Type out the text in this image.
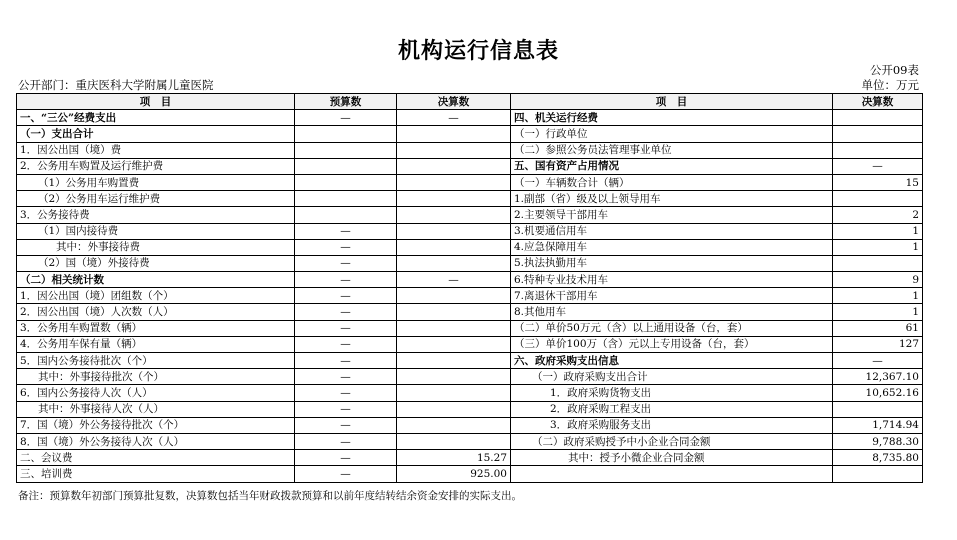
机构运行信息表
公开09表
公开部门：重庆医科大学附属儿童医院	单位：万元
项　目	预算数	决算数	项　目	决算数
一、“三公”经费支出	—	—	四、机关运行经费	
（一）支出合计			（一）行政单位	
1．因公出国（境）费			（二）参照公务员法管理事业单位	
2．公务用车购置及运行维护费			五、国有资产占用情况	—
（1）公务用车购置费			（一）车辆数合计（辆）	15
（2）公务用车运行维护费			1.副部（省）级及以上领导用车	
3．公务接待费			2.主要领导干部用车	2
（1）国内接待费	—		3.机要通信用车	1
其中：外事接待费	—		4.应急保障用车	1
（2）国（境）外接待费	—		5.执法执勤用车	
（二）相关统计数	—	—	6.特种专业技术用车	9
1．因公出国（境）团组数（个）	—		7.离退休干部用车	1
2．因公出国（境）人次数（人）	—		8.其他用车	1
3．公务用车购置数（辆）	—		（二）单价50万元（含）以上通用设备（台，套）	61
4．公务用车保有量（辆）	—		（三）单价100万（含）元以上专用设备（台，套）	127
5．国内公务接待批次（个）	—		六、政府采购支出信息	—
其中：外事接待批次（个）	—		（一）政府采购支出合计	12,367.10
6．国内公务接待人次（人）	—		1．政府采购货物支出	10,652.16
其中：外事接待人次（人）	—		2．政府采购工程支出	
7．国（境）外公务接待批次（个）	—		3．政府采购服务支出	1,714.94
8．国（境）外公务接待人次（人）	—		（二）政府采购授予中小企业合同金额	9,788.30
二、会议费	—	15.27	其中：授予小微企业合同金额	8,735.80
三、培训费	—	925.00		
备注：预算数年初部门预算批复数，决算数包括当年财政拨款预算和以前年度结转结余资金安排的实际支出。
